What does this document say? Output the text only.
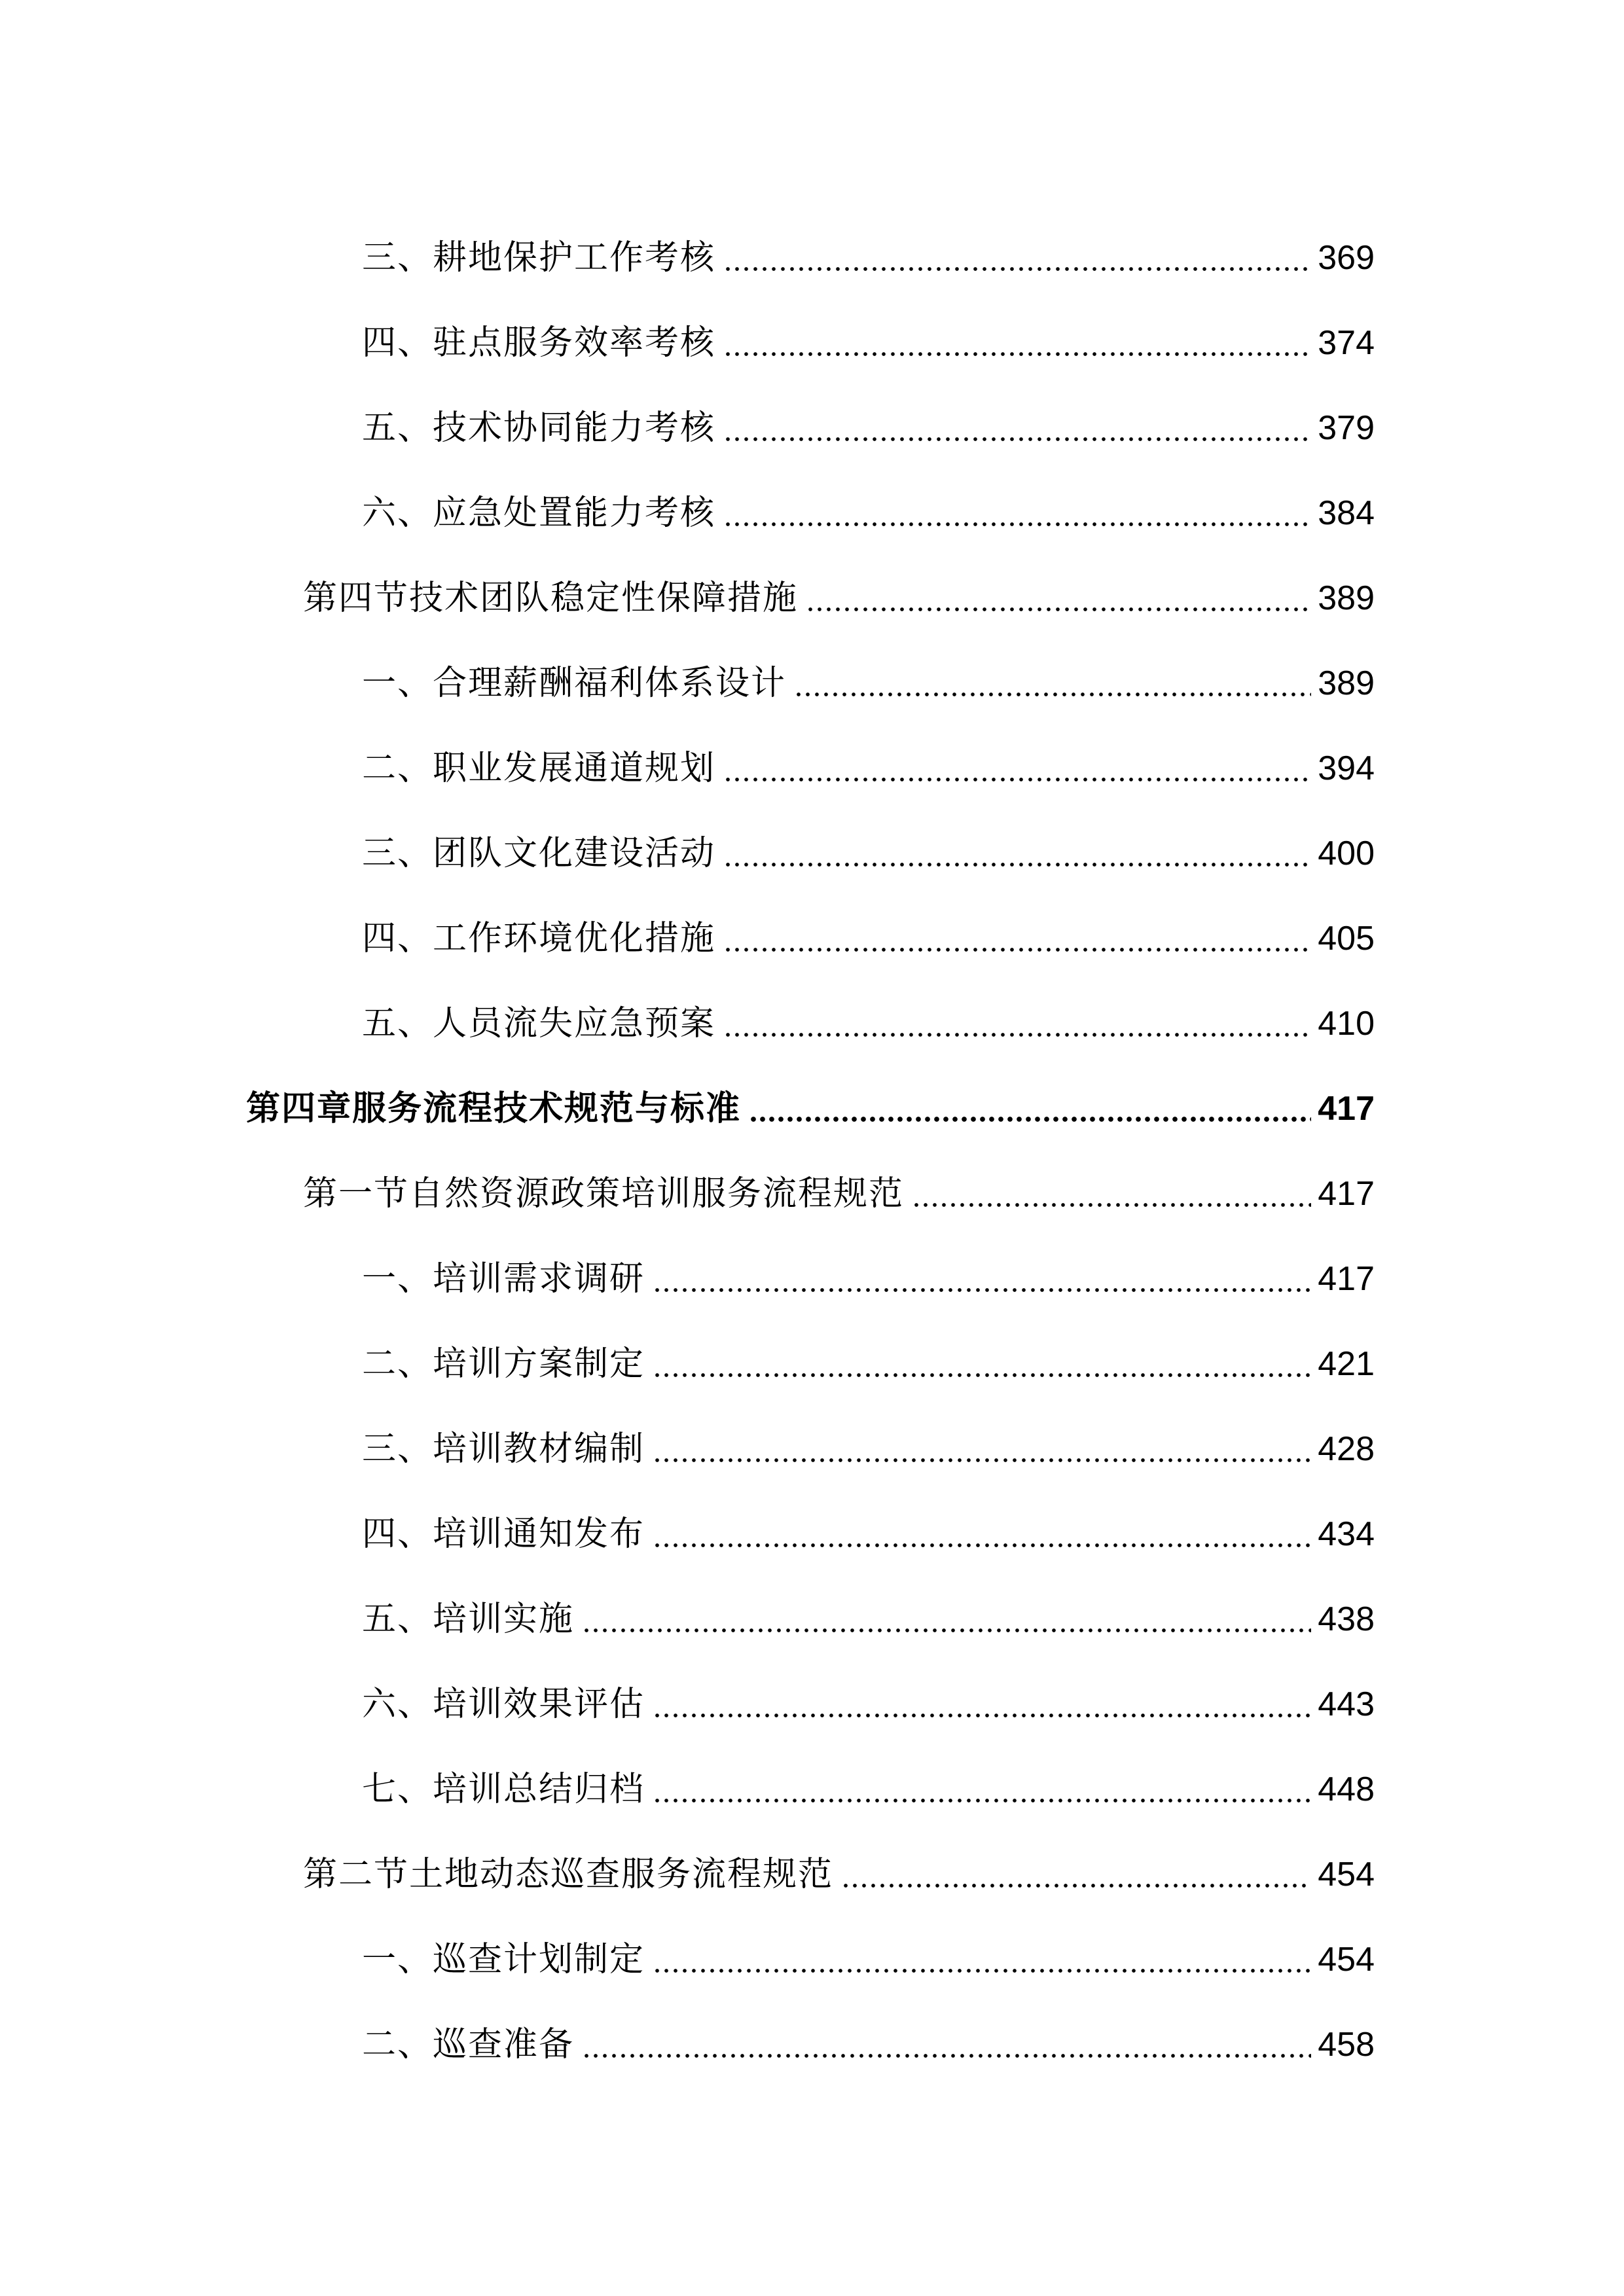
三、耕地保护工作考核	369
四、驻点服务效率考核	374
五、技术协同能力考核	379
六、应急处置能力考核	384
第四节技术团队稳定性保障措施	389
一、合理薪酬福利体系设计	389
二、职业发展通道规划	394
三、团队文化建设活动	400
四、工作环境优化措施	405
五、人员流失应急预案	410
第四章服务流程技术规范与标准	417
第一节自然资源政策培训服务流程规范	417
一、培训需求调研	417
二、培训方案制定	421
三、培训教材编制	428
四、培训通知发布	434
五、培训实施	438
六、培训效果评估	443
七、培训总结归档	448
第二节土地动态巡查服务流程规范	454
一、巡查计划制定	454
二、巡查准备	458
